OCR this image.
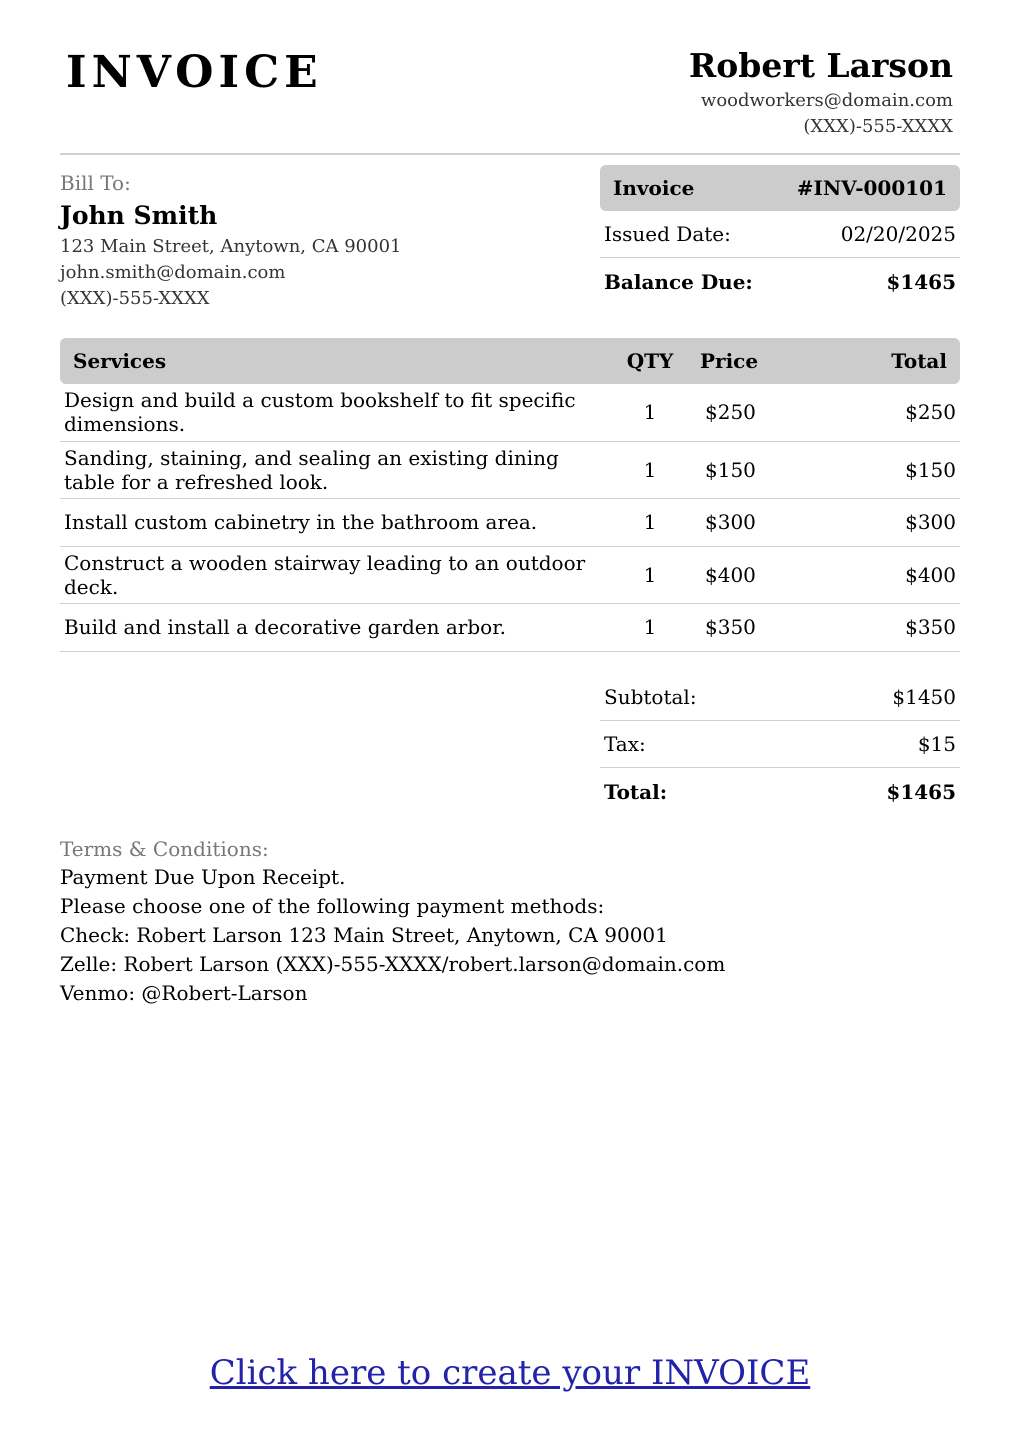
INVOICE	Robert Larson
woodworkers@domain.com
(XXX)-555-XXXX
Bill To:
John Smith
123 Main Street, Anytown, CA 90001
john.smith@domain.com
(XXX)-555-XXXX
Invoice	#INV-000101
Issued Date:	02/20/2025
Balance Due:	$1465
Services	QTY	Price	Total
Design and build a custom bookshelf to fit specific dimensions.	1	$250	$250
Sanding, staining, and sealing an existing dining table for a refreshed look.	1	$150	$150
Install custom cabinetry in the bathroom area.	1	$300	$300
Construct a wooden stairway leading to an outdoor deck.	1	$400	$400
Build and install a decorative garden arbor.	1	$350	$350
Subtotal:	$1450
Tax:	$15
Total:	$1465
Terms & Conditions:
Payment Due Upon Receipt.
Please choose one of the following payment methods:
Check: Robert Larson 123 Main Street, Anytown, CA 90001
Zelle: Robert Larson (XXX)-555-XXXX/robert.larson@domain.com
Venmo: @Robert-Larson
Click here to create your INVOICE
